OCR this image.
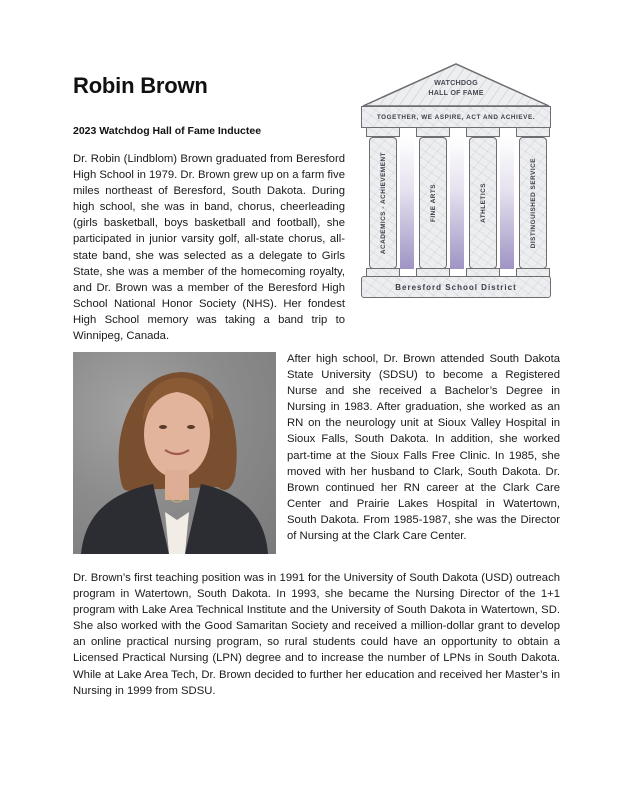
Robin Brown
2023 Watchdog Hall of Fame Inductee

Dr. Robin (Lindblom) Brown graduated from Beresford High School in 1979. Dr. Brown grew up on a farm five miles northeast of Beresford, South Dakota. During high school, she was in band, chorus, cheerleading (girls basketball, boys basketball and football), she participated in junior varsity golf, all-state chorus, all-state band, she was selected as a delegate to Girls State, she was a member of the homecoming royalty, and Dr. Brown was a member of the Beresford High School National Honor Society (NHS). Her fondest High School memory was taking a band trip to Winnipeg, Canada.

WATCHDOG
HALL OF FAME
TOGETHER, WE ASPIRE, ACT AND ACHIEVE.
ACADEMICS - ACHIEVEMENT	FINE ARTS	ATHLETICS	DISTINGUISHED SERVICE
Beresford School District

After high school, Dr. Brown attended South Dakota State University (SDSU) to become a Registered Nurse and she received a Bachelor’s Degree in Nursing in 1983. After graduation, she worked as an RN on the neurology unit at Sioux Valley Hospital in Sioux Falls, South Dakota. In addition, she worked part-time at the Sioux Falls Free Clinic. In 1985, she moved with her husband to Clark, South Dakota. Dr. Brown continued her RN career at the Clark Care Center and Prairie Lakes Hospital in Watertown, South Dakota. From 1985-1987, she was the Director of Nursing at the Clark Care Center.

Dr. Brown’s first teaching position was in 1991 for the University of South Dakota (USD) outreach program in Watertown, South Dakota. In 1993, she became the Nursing Director of the 1+1 program with Lake Area Technical Institute and the University of South Dakota in Watertown, SD. She also worked with the Good Samaritan Society and received a million-dollar grant to develop an online practical nursing program, so rural students could have an opportunity to obtain a Licensed Practical Nursing (LPN) degree and to increase the number of LPNs in South Dakota. While at Lake Area Tech, Dr. Brown decided to further her education and received her Master’s in Nursing in 1999 from SDSU.
